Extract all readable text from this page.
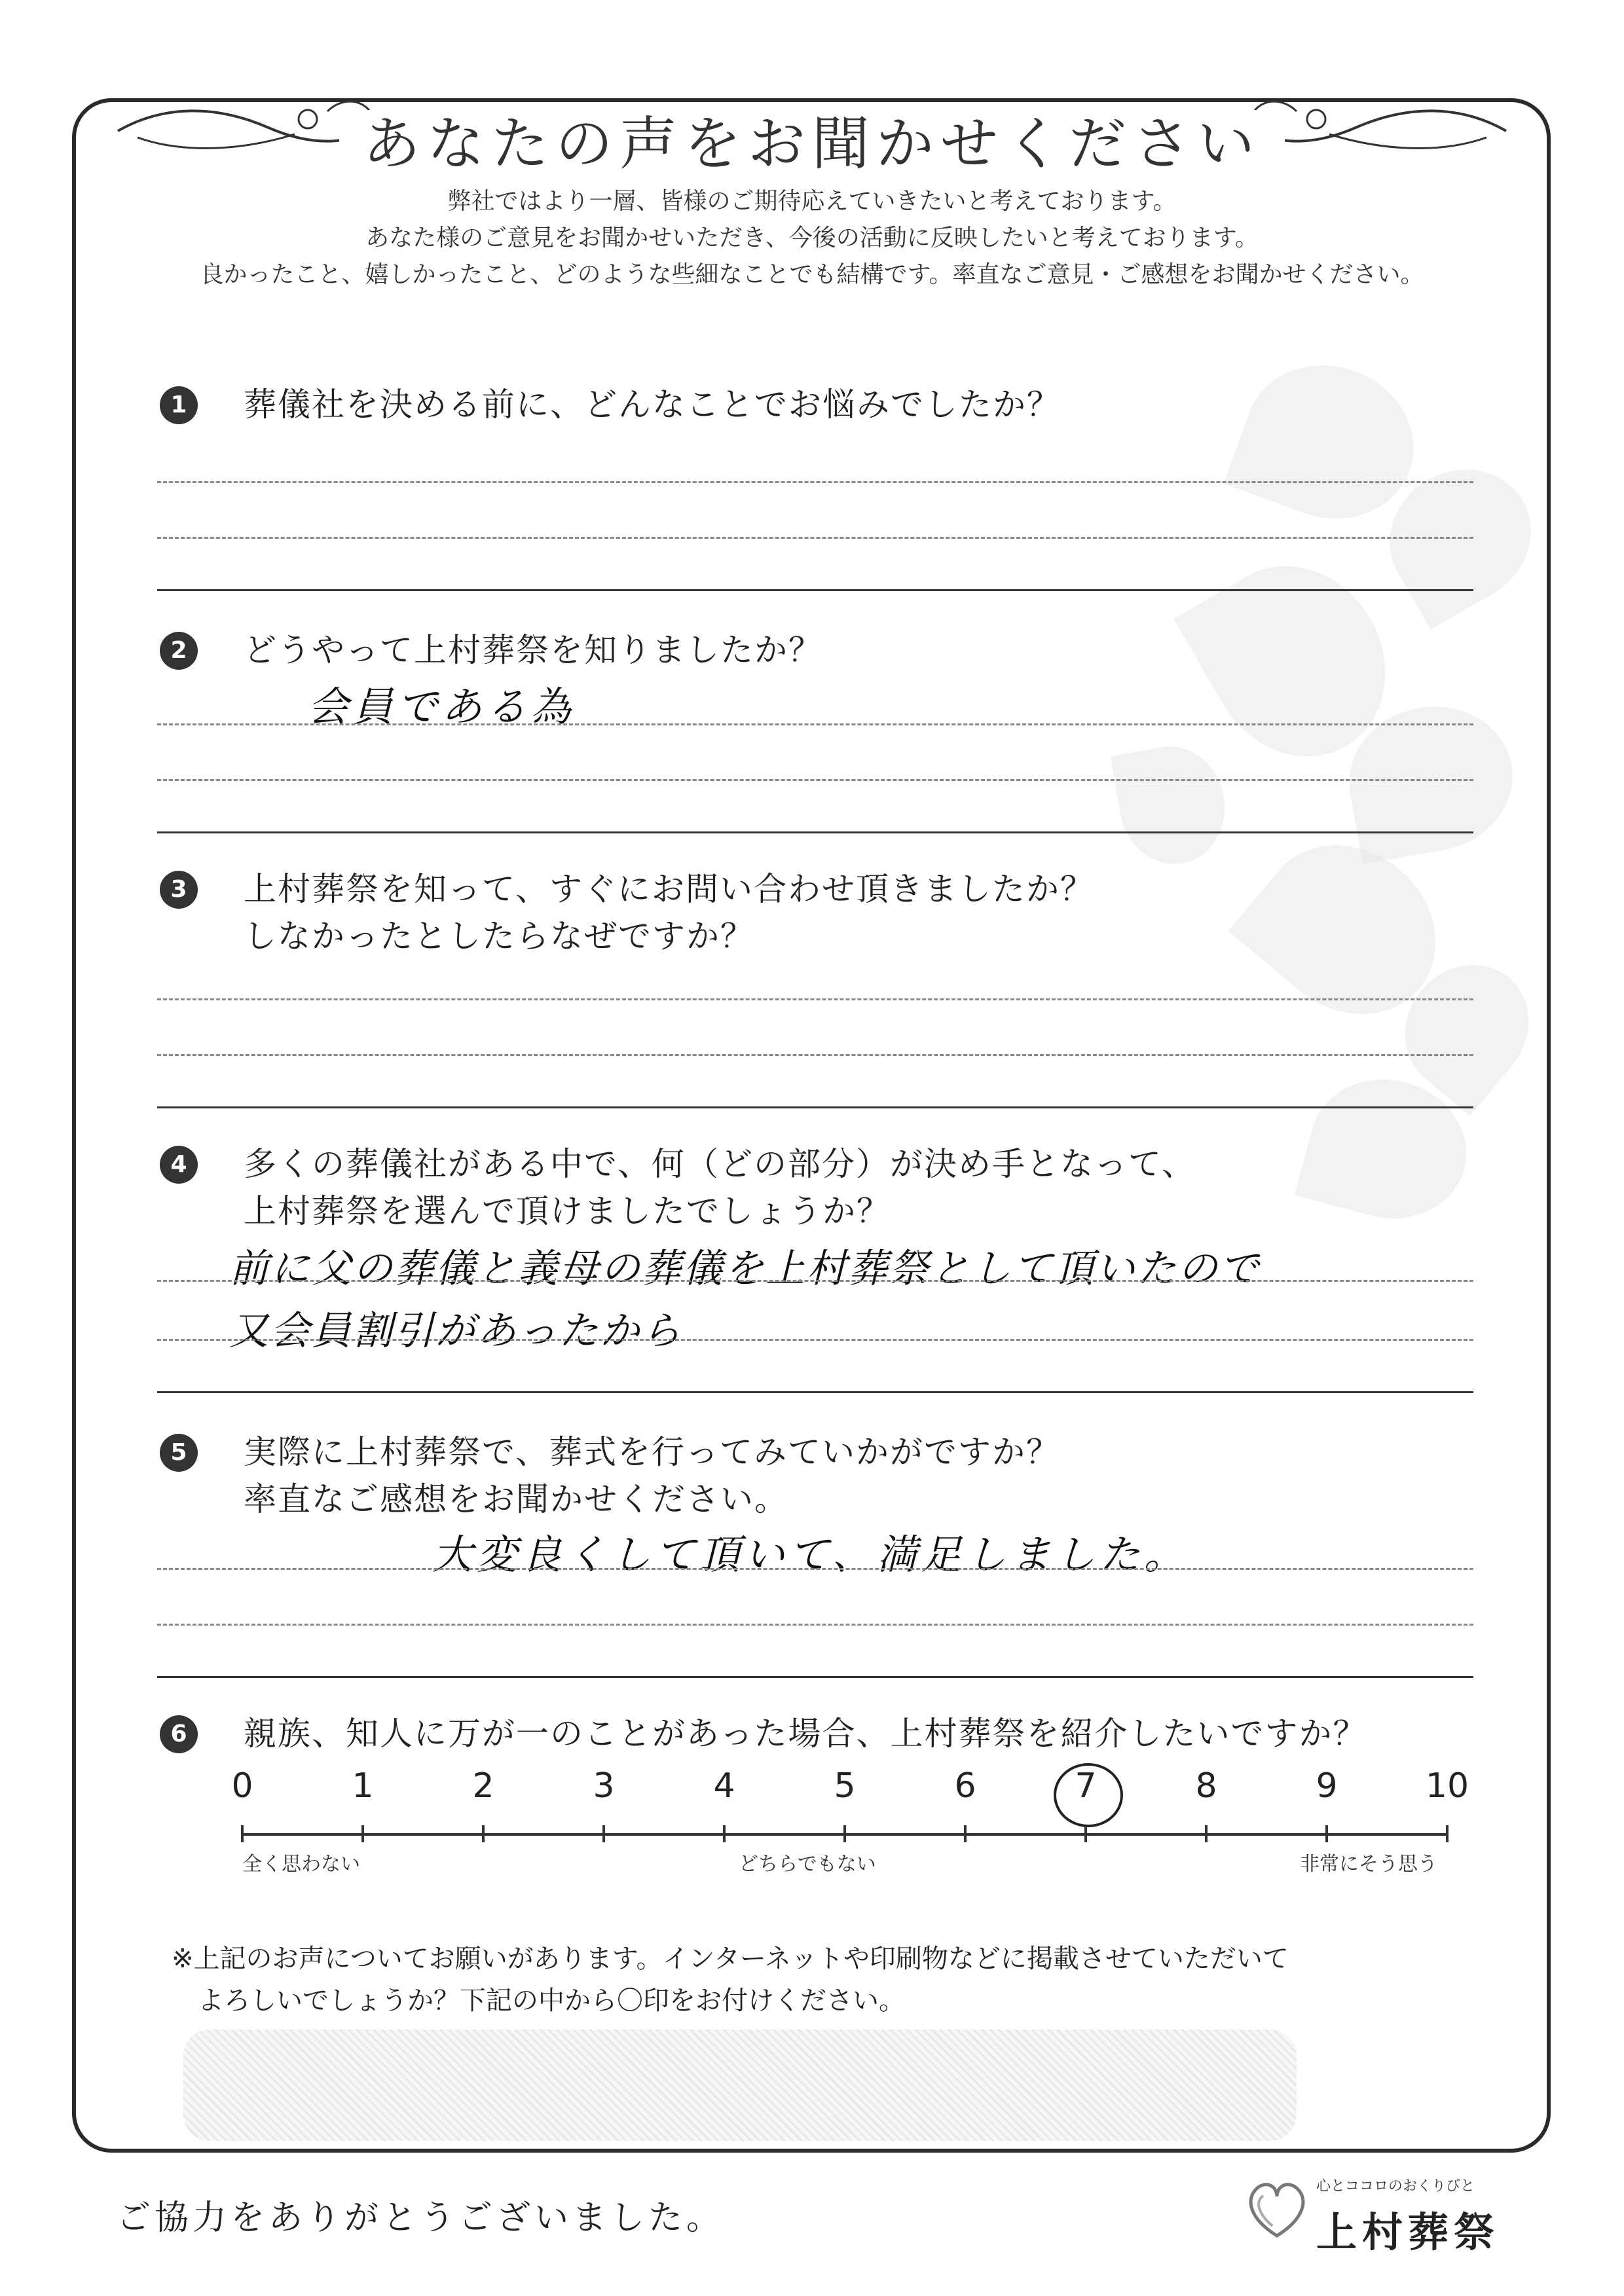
あなたの声をお聞かせください
弊社ではより一層、皆様のご期待応えていきたいと考えております。
あなた様のご意見をお聞かせいただき、今後の活動に反映したいと考えております。
良かったこと、嬉しかったこと、どのような些細なことでも結構です。率直なご意見・ご感想をお聞かせください。
1	葬儀社を決める前に、どんなことでお悩みでしたか？
2	どうやって上村葬祭を知りましたか？
会員である為
3	上村葬祭を知って、すぐにお問い合わせ頂きましたか？
しなかったとしたらなぜですか？
4	多くの葬儀社がある中で、何（どの部分）が決め手となって、
上村葬祭を選んで頂けましたでしょうか？
前に父の葬儀と義母の葬儀を上村葬祭として頂いたので
又会員割引があったから
5	実際に上村葬祭で、葬式を行ってみていかがですか？
率直なご感想をお聞かせください。
大変良くして頂いて、満足しました。
6	親族、知人に万が一のことがあった場合、上村葬祭を紹介したいですか？
0	1	2	3	4	5	6	7	8	9	10
全く思わない	どちらでもない	非常にそう思う
※上記のお声についてお願いがあります。インターネットや印刷物などに掲載させていただいて
よろしいでしょうか？下記の中から〇印をお付けください。
ご協力をありがとうございました。
心とココロのおくりびと
上村葬祭
